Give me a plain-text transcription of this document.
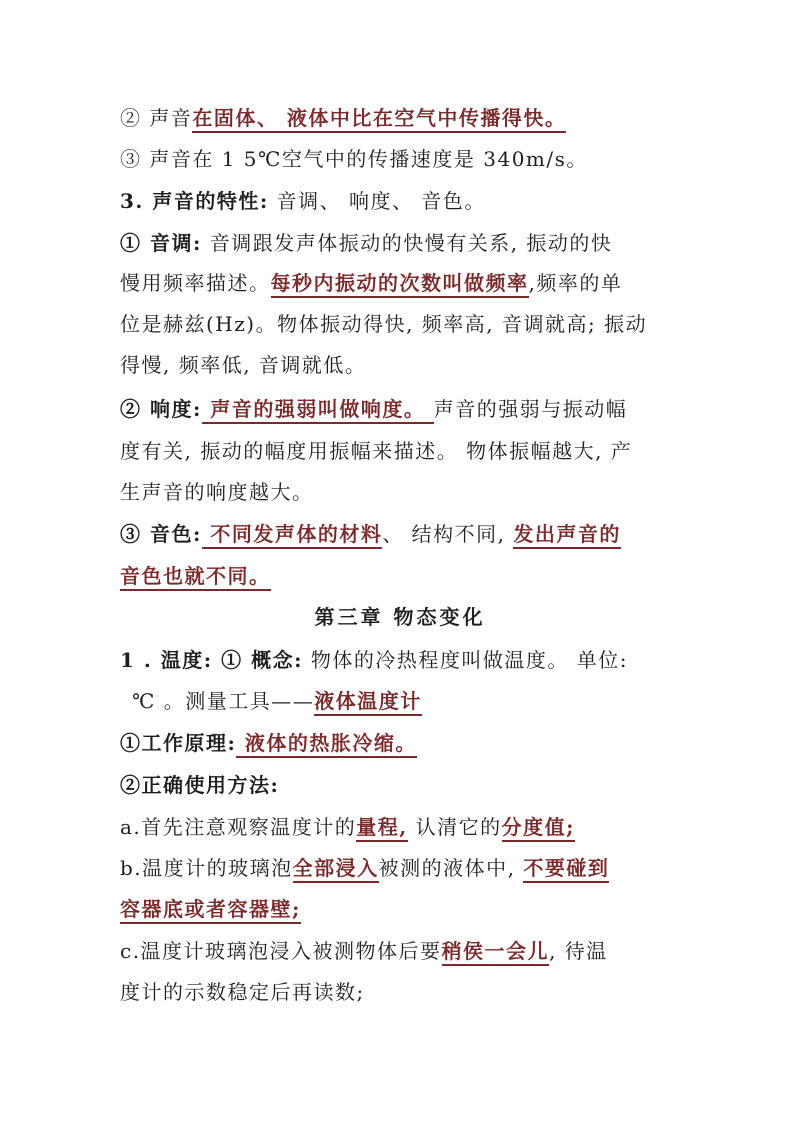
② 声音在固体、 液体中比在空气中传播得快。
③ 声音在 1 5℃空气中的传播速度是 340m/s。
3. 声音的特性: 音调、 响度、 音色。
① 音调: 音调跟发声体振动的快慢有关系, 振动的快
慢用频率描述。每秒内振动的次数叫做频率,频率的单
位是赫兹(Hz)。物体振动得快, 频率高, 音调就高; 振动
得慢, 频率低, 音调就低。
② 响度: 声音的强弱叫做响度。 声音的强弱与振动幅
度有关, 振动的幅度用振幅来描述。 物体振幅越大, 产
生声音的响度越大。
③ 音色: 不同发声体的材料、 结构不同, 发出声音的
音色也就不同。
第三章 物态变化
1 . 温度: ① 概念: 物体的冷热程度叫做温度。 单位:
℃ 。测量工具——液体温度计
①工作原理: 液体的热胀冷缩。
②正确使用方法:
a.首先注意观察温度计的量程, 认清它的分度值;
b.温度计的玻璃泡全部浸入被测的液体中, 不要碰到
容器底或者容器壁;
c.温度计玻璃泡浸入被测物体后要稍侯一会儿, 待温
度计的示数稳定后再读数;
